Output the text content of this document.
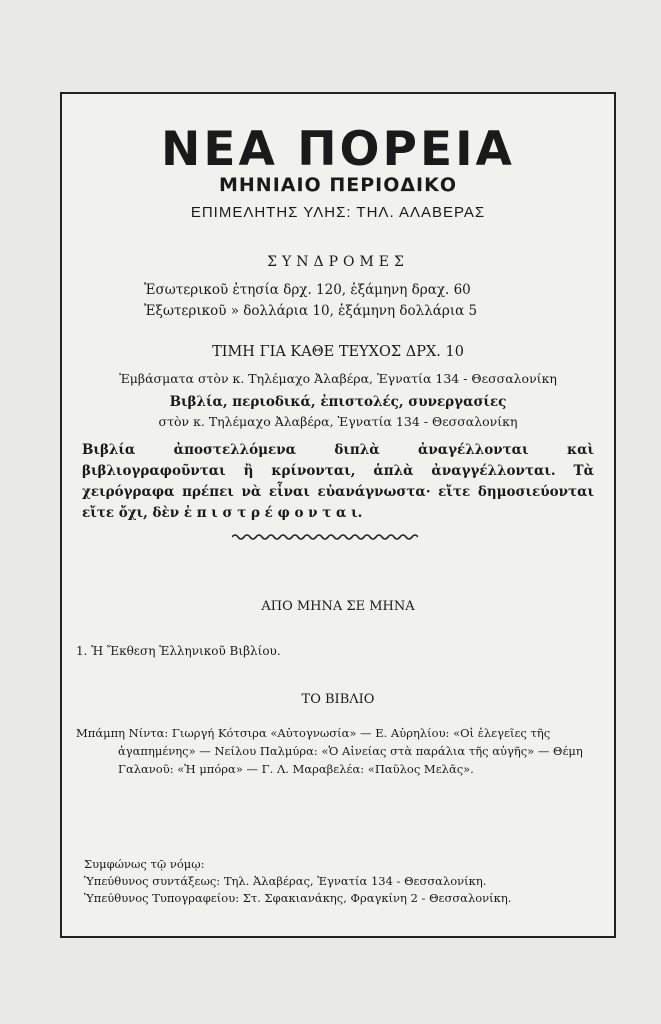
ΝΕΑ ΠΟΡΕΙΑ
ΜΗΝΙΑΙΟ ΠΕΡΙΟΔΙΚΟ
ΕΠΙΜΕΛΗΤΗΣ ΥΛΗΣ: ΤΗΛ. ΑΛΑΒΕΡΑΣ
ΣΥΝΔΡΟΜΕΣ
Ἐσωτερικοῦ ἐτησία δρχ. 120, ἑξάμηνη δραχ. 60
Ἐξωτερικοῦ » δολλάρια 10, ἑξάμηνη δολλάρια 5
ΤΙΜΗ ΓΙΑ ΚΑΘΕ ΤΕΥΧΟΣ ΔΡΧ. 10
Ἐμβάσματα στὸν κ. Τηλέμαχο Ἀλαβέρα, Ἐγνατία 134 - Θεσσαλονίκη
Βιβλία, περιοδικά, ἐπιστολές, συνεργασίες
στὸν κ. Τηλέμαχο Ἀλαβέρα, Ἐγνατία 134 - Θεσσαλονίκη
Βιβλία ἀποστελλόμενα διπλὰ ἀναγέλλονται καὶ βιβλιογραφοῦνται ἢ κρίνονται, ἁπλὰ ἀναγγέλλονται. Τὰ χειρόγραφα πρέπει νὰ εἶναι εὐανάγνωστα· εἴτε δημοσιεύονται εἴτε ὄχι, δὲν ἐ π ι σ τ ρ έ φ ο ν τ α ι.
ΑΠΟ ΜΗΝΑ ΣΕ ΜΗΝΑ
1. Ἡ Ἔκθεση Ἑλληνικοῦ Βιβλίου.
ΤΟ ΒΙΒΛΙΟ
Μπάμπη Νίντα: Γιωργή Κότσιρα «Αὐτογνωσία» — Ε. Αὐρηλίου: «Οἱ ἐλεγεῖες τῆς
ἀγαπημένης» — Νείλου Παλμύρα: «Ὁ Αἰνείας στὰ παράλια τῆς αὐγῆς» — Θέμη
Γαλανοῦ: «Ἡ μπόρα» — Γ. Λ. Μαραβελέα: «Παῦλος Μελᾶς».
Συμφώνως τῷ νόμῳ:
Ὑπεύθυνος συντάξεως: Τηλ. Ἀλαβέρας, Ἐγνατία 134 - Θεσσαλονίκη.
Ὑπεύθυνος Τυπογραφείου: Στ. Σφακιανάκης, Φραγκίνη 2 - Θεσσαλονίκη.
